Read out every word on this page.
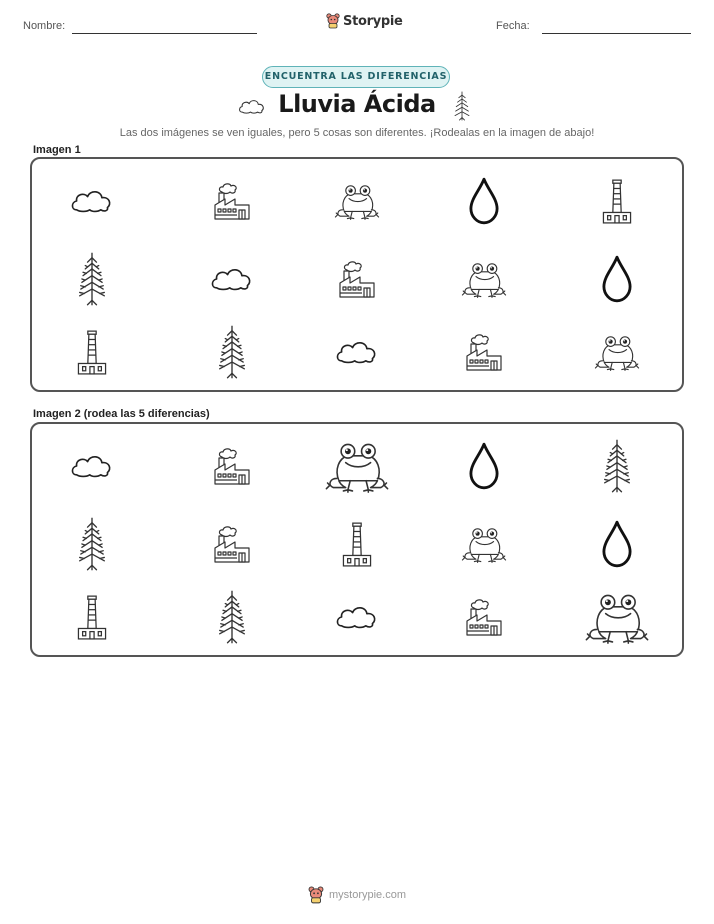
Nombre:	Storypie	Fecha:
ENCUENTRA LAS DIFERENCIAS
Lluvia Ácida
Las dos imágenes se ven iguales, pero 5 cosas son diferentes. ¡Rodealas en la imagen de abajo!
Imagen 1
Imagen 2 (rodea las 5 diferencias)
mystorypie.com
